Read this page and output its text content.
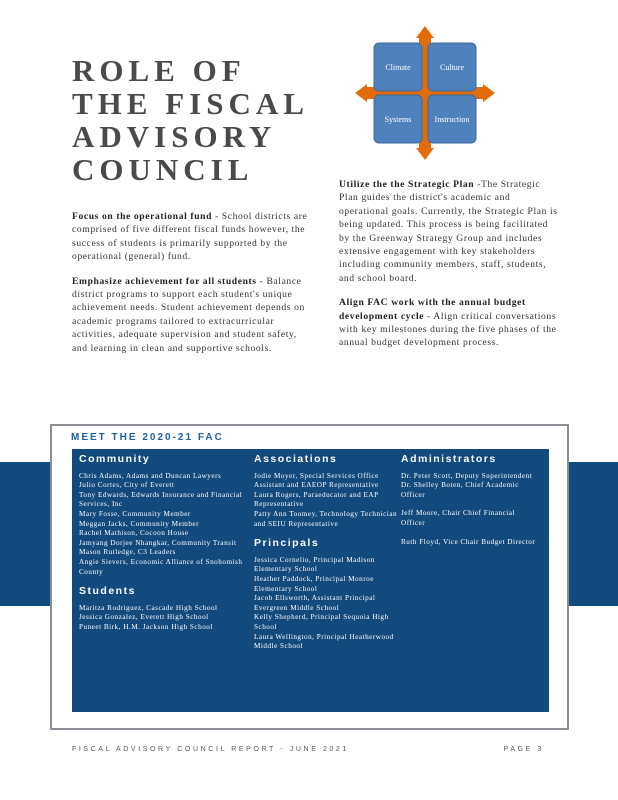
ROLE OF
THE FISCAL
ADVISORY
COUNCIL
Climate	Culture
Systems	Instruction

Focus on the operational fund - School districts are comprised of five different fiscal funds however, the success of students is primarily supported by the operational (general) fund.

Emphasize achievement for all students - Balance district programs to support each student's unique achievement needs. Student achievement depends on academic programs tailored to extracurricular activities, adequate supervision and student safety, and learning in clean and supportive schools.

Utilize the the Strategic Plan -The Strategic Plan guides the district's academic and operational goals. Currently, the Strategic Plan is being updated. This process is being facilitated by the Greenway Strategy Group and includes extensive engagement with key stakeholders including community members, staff, students, and school board.

Align FAC work with the annual budget development cycle - Align critical conversations with key milestones during the five phases of the annual budget development process.

MEET THE 2020-21 FAC
Community
Chris Adams, Adams and Duncan Lawyers
Julio Cortes, City of Everett
Tony Edwards, Edwards Insurance and Financial Services, Inc
Mary Fosse, Community Member
Meggan Jacks, Community Member
Rachel Mathison, Cocoon House
Jamyang Dorjee Nhangkar, Community Transit
Mason Rutledge, C3 Leaders
Angie Sievers, Economic Alliance of Snohomish County
Students
Maritza Rodriguez, Cascade High School
Jessica Gonzalez, Everett High School
Puneet Birk, H.M. Jackson High School
Associations
Jodie Moyer, Special Services Office Assistant and EAEOP Representative
Laura Rogers, Paraeducator and EAP Representative
Patty Ann Toomey, Technology Technician and SEIU Representative
Principals
Jessica Cornelio, Principal Madison Elementary School
Heather Paddock, Principal Monroe Elementary School
Jacob Ellsworth, Assistant Principal Evergreen Middle School
Kelly Shepherd, Principal Sequoia High School
Laura Wellington, Principal Heatherwood Middle School
Administrators
Dr. Peter Scott, Deputy Superintendent
Dr. Shelley Boten, Chief Academic Officer
Jeff Moore, Chair Chief Financial Officer
Ruth Floyd, Vice Chair Budget Director
FISCAL ADVISORY COUNCIL REPORT - JUNE 2021	PAGE 3
